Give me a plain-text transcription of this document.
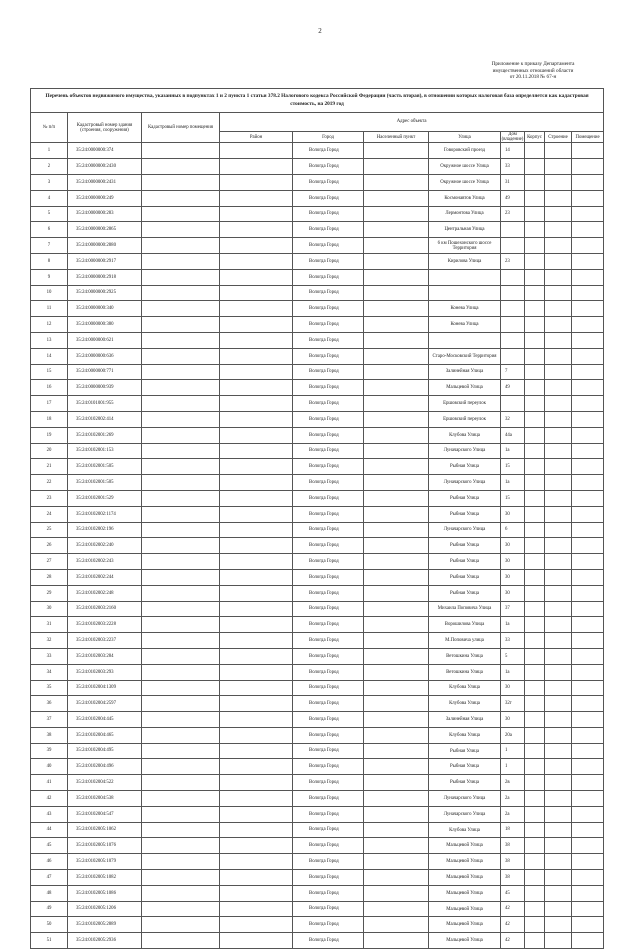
2
Приложение к приказу Департамента
имущественных отношений области
от 20.11.2018 № 67-н
Перечень объектов недвижимого имущества, указанных в подпунктах 1 и 2 пункта 1 статьи 378.2 Налогового кодекса Российской Федерации (часть вторая), в отношении которых налоговая база определяется как кадастровая стоимость, на 2019 год										
№ п/п	Кадастровый номер здания (строения, сооружения)	Кадастровый номер помещения	Адрес объекта							
			Район	Город	Населенный пункт	Улица	Дом (владение)	Корпус	Строение	Помещение
1	35:24:0000000:374			Вологда Город		Говоровский проезд	14			
2	35:24:0000000:2430			Вологда Город		Окружное шоссе Улица	33			
3	35:24:0000000:2431			Вологда Город		Окружное шоссе Улица	31			
4	35:24:0000000:249			Вологда Город		Космонавтов Улица	49			
5	35:24:0000000:283			Вологда Город		Лермонтова Улица	23			
6	35:24:0000000:2865			Вологда Город		Центральная Улица				
7	35:24:0000000:2880			Вологда Город		6 км Пошехонского шоссе Территория				
8	35:24:0000000:2917			Вологда Город		Кирилова Улица	23			
9	35:24:0000000:2918			Вологда Город						
10	35:24:0000000:2925			Вологда Город						
11	35:24:0000000:340			Вологда Город		Конева Улица				
12	35:24:0000000:380			Вологда Город		Конева Улица				
13	35:24:0000000:621			Вологда Город						
14	35:24:0000000:636			Вологда Город		Старо-Московский Территория				
15	35:24:0000000:771			Вологда Город		Залинейная Улица	7			
16	35:24:0000000:939			Вологда Город		Мальцевой Улица	49			
17	35:24:0101001:955			Вологда Город		Ершовский переулок				
18	35:24:0102002:414			Вологда Город		Ершовский переулок	32			
19	35:24:0102001:269			Вологда Город		Клубова Улица	44а			
20	35:24:0102001:153			Вологда Город		Луначарского Улица	1а			
21	35:24:0102001:505			Вологда Город		Рыбная Улица	15			
22	35:24:0102001:505			Вологда Город		Луначарского Улица	1а			
23	35:24:0102001:529			Вологда Город		Рыбная Улица	15			
24	35:24:0102002:1174			Вологда Город		Рыбная Улица	30			
25	35:24:0102002:196			Вологда Город		Луначарского Улица	6			
26	35:24:0102002:240			Вологда Город		Рыбная Улица	30			
27	35:24:0102002:243			Вологда Город		Рыбная Улица	30			
28	35:24:0102002:244			Вологда Город		Рыбная Улица	30			
29	35:24:0102002:248			Вологда Город		Рыбная Улица	30			
30	35:24:0102003:2160			Вологда Город		Михаила Поповича Улица	37			
31	35:24:0102003:2228			Вологда Город		Ворошилова Улица	1а			
32	35:24:0102003:2237			Вологда Город		М.Поповича улица	33			
33	35:24:0102003:284			Вологда Город		Ветошкина Улица	5			
34	35:24:0102003:293			Вологда Город		Ветошкина Улица	1а			
35	35:24:0102004:1309			Вологда Город		Клубова Улица	30			
36	35:24:0102004:2597			Вологда Город		Клубова Улица	32г			
37	35:24:0102004:445			Вологда Город		Залинейная Улица	30			
38	35:24:0102004:465			Вологда Город		Клубова Улица	20а			
39	35:24:0102004:495			Вологда Город		Рыбная Улица	1			
40	35:24:0102004:496			Вологда Город		Рыбная Улица	1			
41	35:24:0102004:522			Вологда Город		Рыбная Улица	2в			
42	35:24:0102004:538			Вологда Город		Луначарского Улица	2а			
43	35:24:0102004:547			Вологда Город		Луначарского Улица	2а			
44	35:24:0102005:1062			Вологда Город		Клубова Улица	18			
45	35:24:0102005:1076			Вологда Город		Мальцевой Улица	38			
46	35:24:0102005:1079			Вологда Город		Мальцевой Улица	38			
47	35:24:0102005:1082			Вологда Город		Мальцевой Улица	38			
48	35:24:0102005:1086			Вологда Город		Мальцевой Улица	45			
49	35:24:0102005:1206			Вологда Город		Мальцевой Улица	42			
50	35:24:0102005:2889			Вологда Город		Мальцевой Улица	42			
51	35:24:0102005:2936			Вологда Город		Мальцевой Улица	42			
